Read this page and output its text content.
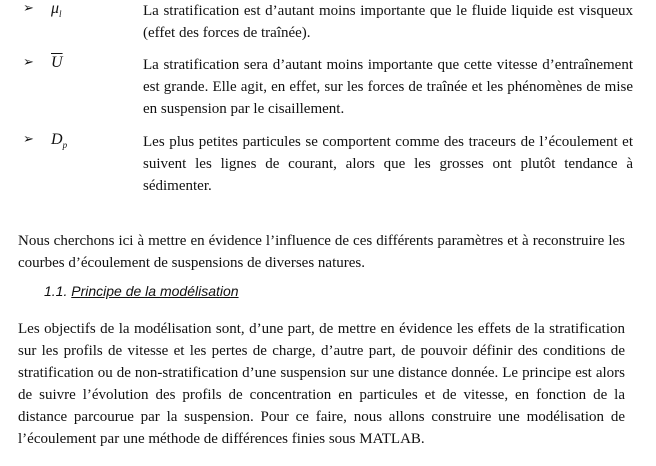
➢ $\mu_l$	La stratification est d’autant moins importante que le fluide liquide est visqueux (effet des forces de traînée).
➢ $\overline{U}$	La stratification sera d’autant moins importante que cette vitesse d’entraînement est grande. Elle agit, en effet, sur les forces de traînée et les phénomènes de mise en suspension par le cisaillement.
➢ $D_p$	Les plus petites particules se comportent comme des traceurs de l’écoulement et suivent les lignes de courant, alors que les grosses ont plutôt tendance à sédimenter.
Nous cherchons ici à mettre en évidence l’influence de ces différents paramètres et à reconstruire les courbes d’écoulement de suspensions de diverses natures.
1.1. Principe de la modélisation
Les objectifs de la modélisation sont, d’une part, de mettre en évidence les effets de la stratification sur les profils de vitesse et les pertes de charge, d’autre part, de pouvoir définir des conditions de stratification ou de non-stratification d’une suspension sur une distance donnée. Le principe est alors de suivre l’évolution des profils de concentration en particules et de vitesse, en fonction de la distance parcourue par la suspension. Pour ce faire, nous allons construire une modélisation de l’écoulement par une méthode de différences finies sous MATLAB.
